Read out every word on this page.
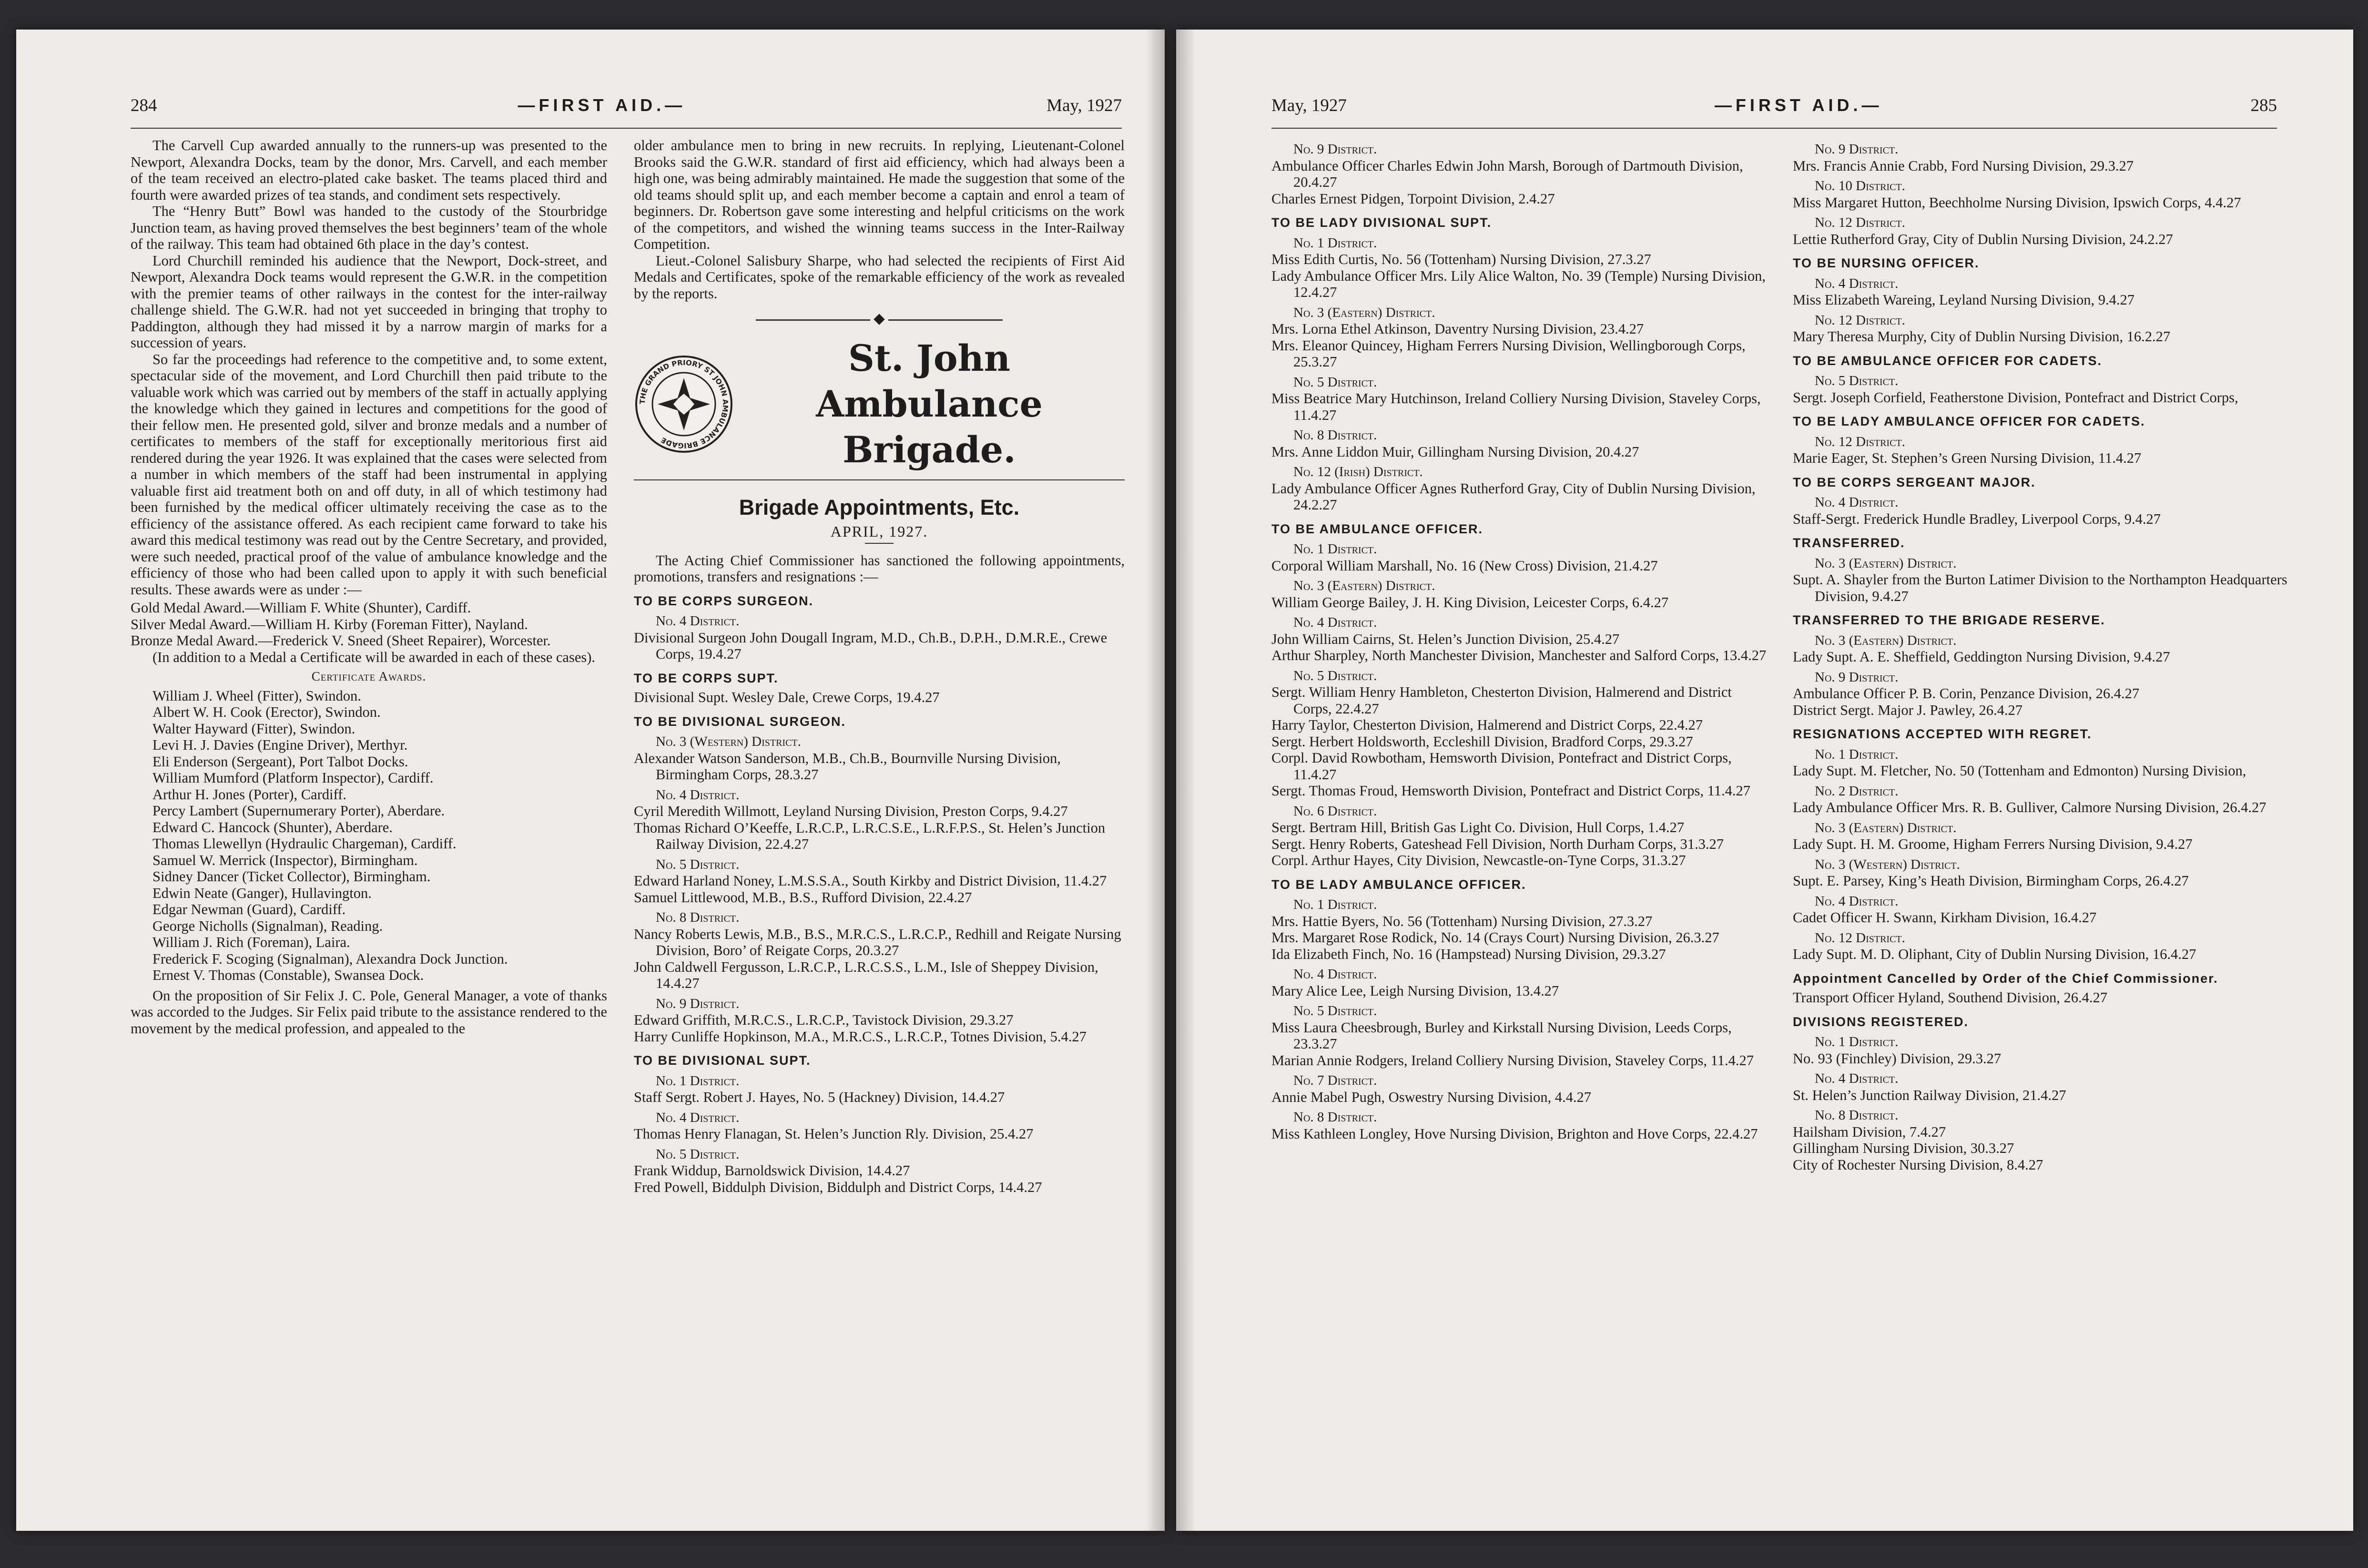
284	—FIRST AID.—	May, 1927

The Carvell Cup awarded annually to the runners-up was presented to the Newport, Alexandra Docks, team by the donor, Mrs. Carvell, and each member of the team received an electro-plated cake basket. The teams placed third and fourth were awarded prizes of tea stands, and condiment sets respectively.

The “Henry Butt” Bowl was handed to the custody of the Stourbridge Junction team, as having proved themselves the best beginners’ team of the whole of the railway. This team had obtained 6th place in the day’s contest.

Lord Churchill reminded his audience that the Newport, Dock-street, and Newport, Alexandra Dock teams would represent the G.W.R. in the competition with the premier teams of other railways in the contest for the inter-railway challenge shield. The G.W.R. had not yet succeeded in bringing that trophy to Paddington, although they had missed it by a narrow margin of marks for a succession of years.

So far the proceedings had reference to the competitive and, to some extent, spectacular side of the movement, and Lord Churchill then paid tribute to the valuable work which was carried out by members of the staff in actually applying the knowledge which they gained in lectures and competitions for the good of their fellow men. He presented gold, silver and bronze medals and a number of certificates to members of the staff for exceptionally meritorious first aid rendered during the year 1926. It was explained that the cases were selected from a number in which members of the staff had been instrumental in applying valuable first aid treatment both on and off duty, in all of which testimony had been furnished by the medical officer ultimately receiving the case as to the efficiency of the assistance offered. As each recipient came forward to take his award this medical testimony was read out by the Centre Secretary, and provided, were such needed, practical proof of the value of ambulance knowledge and the efficiency of those who had been called upon to apply it with such beneficial results. These awards were as under :—

Gold Medal Award.—William F. White (Shunter), Cardiff.
Silver Medal Award.—William H. Kirby (Foreman Fitter), Nayland.
Bronze Medal Award.—Frederick V. Sneed (Sheet Repairer), Worcester.

(In addition to a Medal a Certificate will be awarded in each of these cases).

Certificate Awards.
William J. Wheel (Fitter), Swindon.
Albert W. H. Cook (Erector), Swindon.
Walter Hayward (Fitter), Swindon.
Levi H. J. Davies (Engine Driver), Merthyr.
Eli Enderson (Sergeant), Port Talbot Docks.
William Mumford (Platform Inspector), Cardiff.
Arthur H. Jones (Porter), Cardiff.
Percy Lambert (Supernumerary Porter), Aberdare.
Edward C. Hancock (Shunter), Aberdare.
Thomas Llewellyn (Hydraulic Chargeman), Cardiff.
Samuel W. Merrick (Inspector), Birmingham.
Sidney Dancer (Ticket Collector), Birmingham.
Edwin Neate (Ganger), Hullavington.
Edgar Newman (Guard), Cardiff.
George Nicholls (Signalman), Reading.
William J. Rich (Foreman), Laira.
Frederick F. Scoging (Signalman), Alexandra Dock Junction.
Ernest V. Thomas (Constable), Swansea Dock.

On the proposition of Sir Felix J. C. Pole, General Manager, a vote of thanks was accorded to the Judges. Sir Felix paid tribute to the assistance rendered to the movement by the medical profession, and appealed to the

older ambulance men to bring in new recruits. In replying, Lieutenant-Colonel Brooks said the G.W.R. standard of first aid efficiency, which had always been a high one, was being admirably maintained. He made the suggestion that some of the old teams should split up, and each member become a captain and enrol a team of beginners. Dr. Robertson gave some interesting and helpful criticisms on the work of the competitors, and wished the winning teams success in the Inter-Railway Competition.

Lieut.-Colonel Salisbury Sharpe, who had selected the recipients of First Aid Medals and Certificates, spoke of the remarkable efficiency of the work as revealed by the reports.

◆
THE GRAND PRIORY ST JOHN AMBULANCE BRIGADE
St. John Ambulance
Brigade.
Brigade Appointments, Etc.
APRIL, 1927.

The Acting Chief Commissioner has sanctioned the following appointments, promotions, transfers and resignations :—

TO BE CORPS SURGEON.
No. 4 District.
Divisional Surgeon John Dougall Ingram, M.D., Ch.B., D.P.H., D.M.R.E., Crewe Corps, 19.4.27
TO BE CORPS SUPT.
Divisional Supt. Wesley Dale, Crewe Corps, 19.4.27
TO BE DIVISIONAL SURGEON.
No. 3 (Western) District.
Alexander Watson Sanderson, M.B., Ch.B., Bournville Nursing Division, Birmingham Corps, 28.3.27
No. 4 District.
Cyril Meredith Willmott, Leyland Nursing Division, Preston Corps, 9.4.27
Thomas Richard O’Keeffe, L.R.C.P., L.R.C.S.E., L.R.F.P.S., St. Helen’s Junction Railway Division, 22.4.27
No. 5 District.
Edward Harland Noney, L.M.S.S.A., South Kirkby and District Division, 11.4.27
Samuel Littlewood, M.B., B.S., Rufford Division, 22.4.27
No. 8 District.
Nancy Roberts Lewis, M.B., B.S., M.R.C.S., L.R.C.P., Redhill and Reigate Nursing Division, Boro’ of Reigate Corps, 20.3.27
John Caldwell Fergusson, L.R.C.P., L.R.C.S.S., L.M., Isle of Sheppey Division, 14.4.27
No. 9 District.
Edward Griffith, M.R.C.S., L.R.C.P., Tavistock Division, 29.3.27
Harry Cunliffe Hopkinson, M.A., M.R.C.S., L.R.C.P., Totnes Division, 5.4.27
TO BE DIVISIONAL SUPT.
No. 1 District.
Staff Sergt. Robert J. Hayes, No. 5 (Hackney) Division, 14.4.27
No. 4 District.
Thomas Henry Flanagan, St. Helen’s Junction Rly. Division, 25.4.27
No. 5 District.
Frank Widdup, Barnoldswick Division, 14.4.27
Fred Powell, Biddulph Division, Biddulph and District Corps, 14.4.27
May, 1927	—FIRST AID.—	285
No. 9 District.
Ambulance Officer Charles Edwin John Marsh, Borough of Dartmouth Division, 20.4.27
Charles Ernest Pidgen, Torpoint Division, 2.4.27
TO BE LADY DIVISIONAL SUPT.
No. 1 District.
Miss Edith Curtis, No. 56 (Tottenham) Nursing Division, 27.3.27
Lady Ambulance Officer Mrs. Lily Alice Walton, No. 39 (Temple) Nursing Division, 12.4.27
No. 3 (Eastern) District.
Mrs. Lorna Ethel Atkinson, Daventry Nursing Division, 23.4.27
Mrs. Eleanor Quincey, Higham Ferrers Nursing Division, Wellingborough Corps, 25.3.27
No. 5 District.
Miss Beatrice Mary Hutchinson, Ireland Colliery Nursing Division, Staveley Corps, 11.4.27
No. 8 District.
Mrs. Anne Liddon Muir, Gillingham Nursing Division, 20.4.27
No. 12 (Irish) District.
Lady Ambulance Officer Agnes Rutherford Gray, City of Dublin Nursing Division, 24.2.27
TO BE AMBULANCE OFFICER.
No. 1 District.
Corporal William Marshall, No. 16 (New Cross) Division, 21.4.27
No. 3 (Eastern) District.
William George Bailey, J. H. King Division, Leicester Corps, 6.4.27
No. 4 District.
John William Cairns, St. Helen’s Junction Division, 25.4.27
Arthur Sharpley, North Manchester Division, Manchester and Salford Corps, 13.4.27
No. 5 District.
Sergt. William Henry Hambleton, Chesterton Division, Halmerend and District Corps, 22.4.27
Harry Taylor, Chesterton Division, Halmerend and District Corps, 22.4.27
Sergt. Herbert Holdsworth, Eccleshill Division, Bradford Corps, 29.3.27
Corpl. David Rowbotham, Hemsworth Division, Pontefract and District Corps, 11.4.27
Sergt. Thomas Froud, Hemsworth Division, Pontefract and District Corps, 11.4.27
No. 6 District.
Sergt. Bertram Hill, British Gas Light Co. Division, Hull Corps, 1.4.27
Sergt. Henry Roberts, Gateshead Fell Division, North Durham Corps, 31.3.27
Corpl. Arthur Hayes, City Division, Newcastle-on-Tyne Corps, 31.3.27
TO BE LADY AMBULANCE OFFICER.
No. 1 District.
Mrs. Hattie Byers, No. 56 (Tottenham) Nursing Division, 27.3.27
Mrs. Margaret Rose Rodick, No. 14 (Crays Court) Nursing Division, 26.3.27
Ida Elizabeth Finch, No. 16 (Hampstead) Nursing Division, 29.3.27
No. 4 District.
Mary Alice Lee, Leigh Nursing Division, 13.4.27
No. 5 District.
Miss Laura Cheesbrough, Burley and Kirkstall Nursing Division, Leeds Corps, 23.3.27
Marian Annie Rodgers, Ireland Colliery Nursing Division, Staveley Corps, 11.4.27
No. 7 District.
Annie Mabel Pugh, Oswestry Nursing Division, 4.4.27
No. 8 District.
Miss Kathleen Longley, Hove Nursing Division, Brighton and Hove Corps, 22.4.27
No. 9 District.
Mrs. Francis Annie Crabb, Ford Nursing Division, 29.3.27
No. 10 District.
Miss Margaret Hutton, Beechholme Nursing Division, Ipswich Corps, 4.4.27
No. 12 District.
Lettie Rutherford Gray, City of Dublin Nursing Division, 24.2.27
TO BE NURSING OFFICER.
No. 4 District.
Miss Elizabeth Wareing, Leyland Nursing Division, 9.4.27
No. 12 District.
Mary Theresa Murphy, City of Dublin Nursing Division, 16.2.27
TO BE AMBULANCE OFFICER FOR CADETS.
No. 5 District.
Sergt. Joseph Corfield, Featherstone Division, Pontefract and District Corps,
TO BE LADY AMBULANCE OFFICER FOR CADETS.
No. 12 District.
Marie Eager, St. Stephen’s Green Nursing Division, 11.4.27
TO BE CORPS SERGEANT MAJOR.
No. 4 District.
Staff-Sergt. Frederick Hundle Bradley, Liverpool Corps, 9.4.27
TRANSFERRED.
No. 3 (Eastern) District.
Supt. A. Shayler from the Burton Latimer Division to the Northampton Headquarters Division, 9.4.27
TRANSFERRED TO THE BRIGADE RESERVE.
No. 3 (Eastern) District.
Lady Supt. A. E. Sheffield, Geddington Nursing Division, 9.4.27
No. 9 District.
Ambulance Officer P. B. Corin, Penzance Division, 26.4.27
District Sergt. Major J. Pawley, 26.4.27
RESIGNATIONS ACCEPTED WITH REGRET.
No. 1 District.
Lady Supt. M. Fletcher, No. 50 (Tottenham and Edmonton) Nursing Division,
No. 2 District.
Lady Ambulance Officer Mrs. R. B. Gulliver, Calmore Nursing Division, 26.4.27
No. 3 (Eastern) District.
Lady Supt. H. M. Groome, Higham Ferrers Nursing Division, 9.4.27
No. 3 (Western) District.
Supt. E. Parsey, King’s Heath Division, Birmingham Corps, 26.4.27
No. 4 District.
Cadet Officer H. Swann, Kirkham Division, 16.4.27
No. 12 District.
Lady Supt. M. D. Oliphant, City of Dublin Nursing Division, 16.4.27
Appointment Cancelled by Order of the Chief Commissioner.
Transport Officer Hyland, Southend Division, 26.4.27
DIVISIONS REGISTERED.
No. 1 District.
No. 93 (Finchley) Division, 29.3.27
No. 4 District.
St. Helen’s Junction Railway Division, 21.4.27
No. 8 District.
Hailsham Division, 7.4.27
Gillingham Nursing Division, 30.3.27
City of Rochester Nursing Division, 8.4.27
